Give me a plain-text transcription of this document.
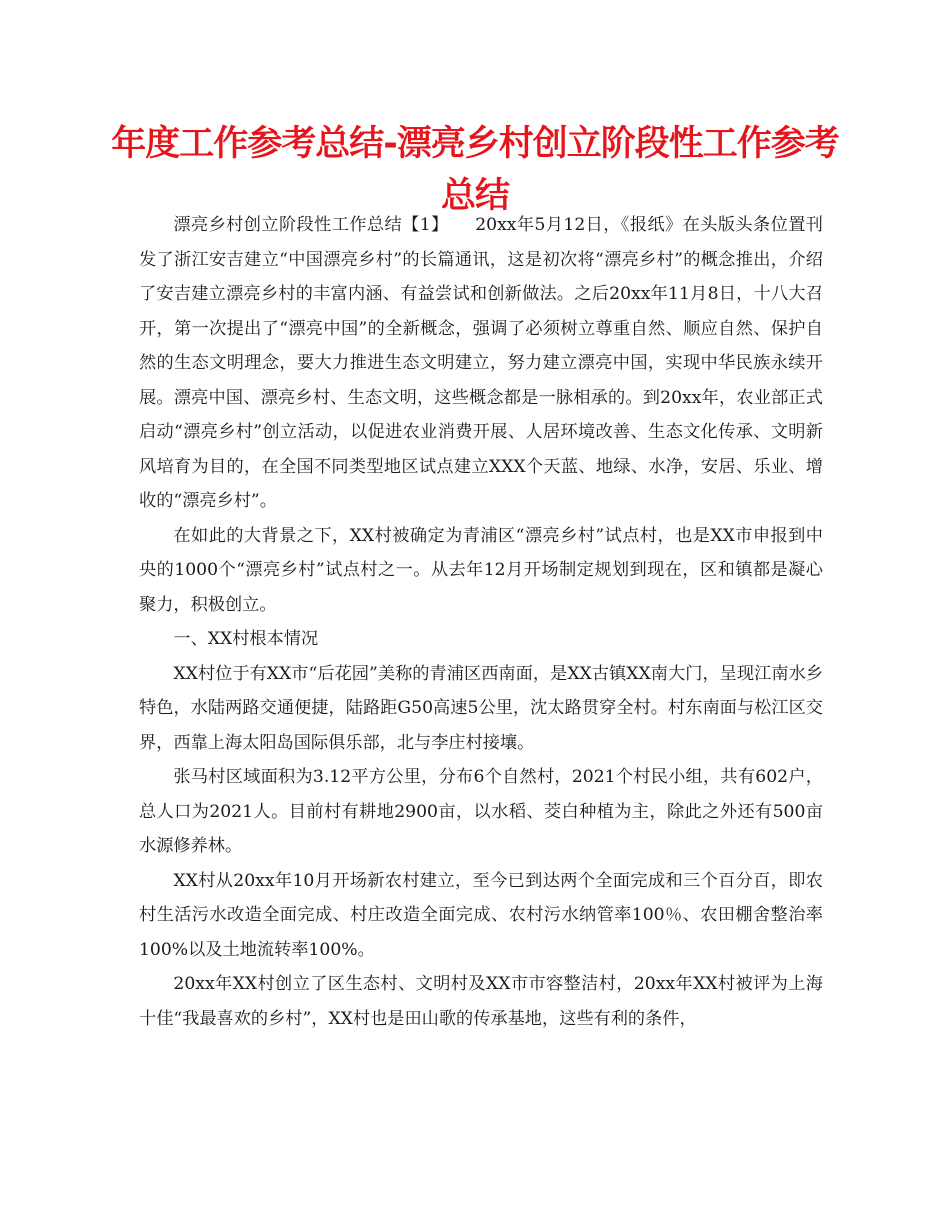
年度工作参考总结-漂亮乡村创立阶段性工作参考总结

漂亮乡村创立阶段性工作总结【1】　　20xx年5月12日，《报纸》在头版头条位置刊发了浙江安吉建立“中国漂亮乡村”的长篇通讯，这是初次将“漂亮乡村”的概念推出，介绍了安吉建立漂亮乡村的丰富内涵、有益尝试和创新做法。之后20xx年11月8日，十八大召开，第一次提出了“漂亮中国”的全新概念，强调了必须树立尊重自然、顺应自然、保护自然的生态文明理念，要大力推进生态文明建立，努力建立漂亮中国，实现中华民族永续开展。漂亮中国、漂亮乡村、生态文明，这些概念都是一脉相承的。到20xx年，农业部正式启动“漂亮乡村”创立活动，以促进农业消费开展、人居环境改善、生态文化传承、文明新风培育为目的，在全国不同类型地区试点建立XXX个天蓝、地绿、水净，安居、乐业、增收的“漂亮乡村”。

在如此的大背景之下，XX村被确定为青浦区“漂亮乡村”试点村，也是XX市申报到中央的1000个“漂亮乡村”试点村之一。从去年12月开场制定规划到现在，区和镇都是凝心聚力，积极创立。

一、XX村根本情况

XX村位于有XX市“后花园”美称的青浦区西南面，是XX古镇XX南大门，呈现江南水乡特色，水陆两路交通便捷，陆路距G50高速5公里，沈太路贯穿全村。村东南面与松江区交界，西靠上海太阳岛国际俱乐部，北与李庄村接壤。

张马村区域面积为3.12平方公里，分布6个自然村，2021个村民小组，共有602户，总人口为2021人。目前村有耕地2900亩，以水稻、茭白种植为主，除此之外还有500亩水源修养林。

XX村从20xx年10月开场新农村建立，至今已到达两个全面完成和三个百分百，即农村生活污水改造全面完成、村庄改造全面完成、农村污水纳管率100％、农田棚舍整治率100%以及土地流转率100%。

20xx年XX村创立了区生态村、文明村及XX市市容整洁村，20xx年XX村被评为上海十佳“我最喜欢的乡村”，XX村也是田山歌的传承基地，这些有利的条件，
